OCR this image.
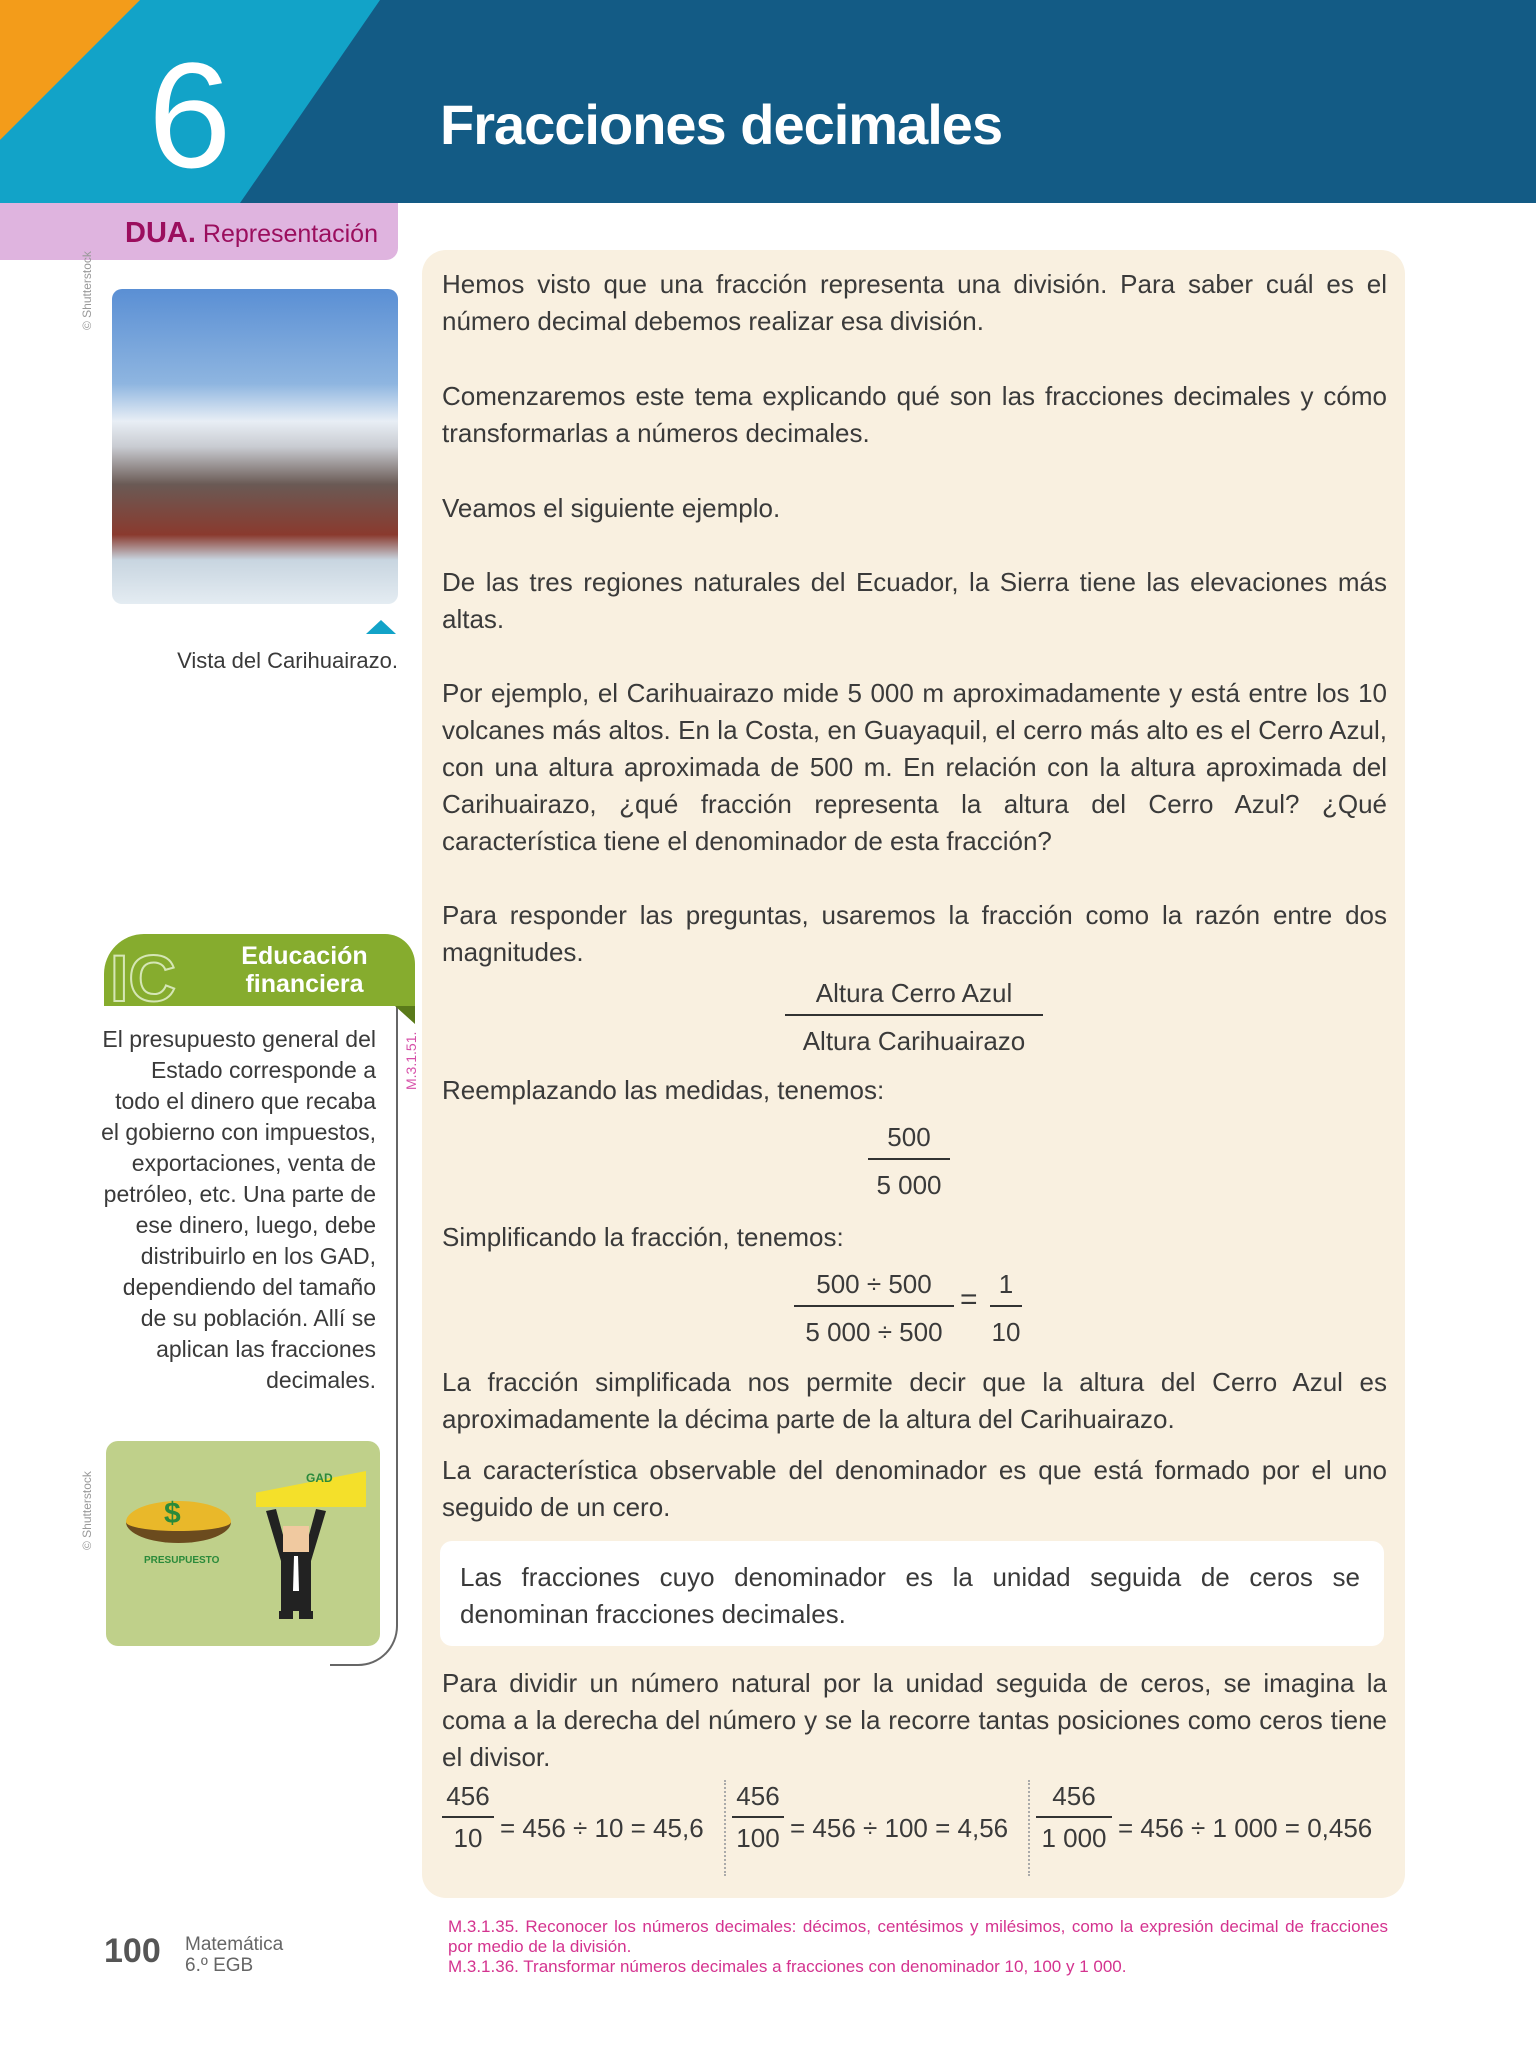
6	Fracciones decimales
DUA. Representación
© Shutterstock
Vista del Carihuairazo.
Educación
financiera
IC
M.3.1.51.
El presupuesto general del Estado corresponde a todo el dinero que recaba el gobierno con impuestos, exportaciones, venta de petróleo, etc. Una parte de ese dinero, luego, debe distribuirlo en los GAD, dependiendo del tamaño de su población. Allí se aplican las fracciones decimales.
© Shutterstock $
PRESUPUESTO
GAD
Hemos visto que una fracción representa una división. Para saber cuál es el número decimal debemos realizar esa división.
Comenzaremos este tema explicando qué son las fracciones decimales y cómo transformarlas a números decimales.
Veamos el siguiente ejemplo.
De las tres regiones naturales del Ecuador, la Sierra tiene las elevaciones más altas.
Por ejemplo, el Carihuairazo mide 5 000 m aproximadamente y está entre los 10 volcanes más altos. En la Costa, en Guayaquil, el cerro más alto es el Cerro Azul, con una altura aproximada de 500 m. En relación con la altura aproximada del Carihuairazo, ¿qué fracción representa la altura del Cerro Azul? ¿Qué característica tiene el denominador de esta fracción?
Para responder las preguntas, usaremos la fracción como la razón entre dos magnitudes.
Altura Cerro Azul
Altura Carihuairazo
Reemplazando las medidas, tenemos:
$\frac{500}{5 000}$
Simplificando la fracción, tenemos:
$\frac{500 \div 500}{5 000 \div 500} = \frac{1}{10}$
La fracción simplificada nos permite decir que la altura del Cerro Azul es aproximadamente la décima parte de la altura del Carihuairazo.
La característica observable del denominador es que está formado por el uno seguido de un cero.
Las fracciones cuyo denominador es la unidad seguida de ceros se denominan fracciones decimales.
Para dividir un número natural por la unidad seguida de ceros, se imagina la coma a la derecha del número y se la recorre tantas posiciones como ceros tiene el divisor.
$\frac{456}{10} = 456 \div 10 = 45,6 \frac{456}{100} = 456 \div 100 = 4,56 \frac{456}{1 000} = 456 \div 1$ 000 = 0,456
100 Matemática
6.º EGB
M.3.1.35. Reconocer los números decimales: décimos, centésimos y milésimos, como la expresión decimal de fracciones por medio de la división.
M.3.1.36. Transformar números decimales a fracciones con denominador 10, 100 y 1 000.
